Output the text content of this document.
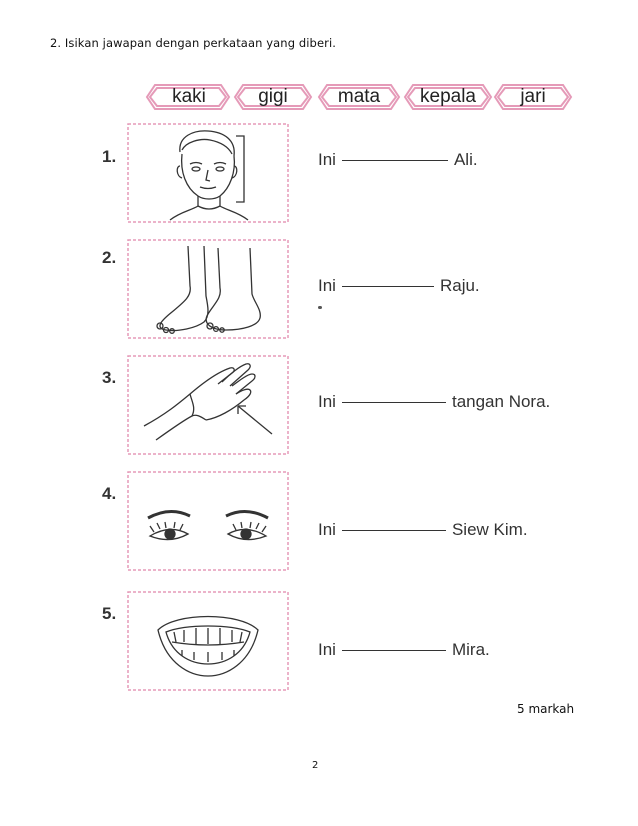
2. Isikan jawapan dengan perkataan yang diberi.
kaki	gigi	mata	kepala	jari
1.
2.
3.
4.
5.
Ini	Ali.
Ini	Raju.
Ini	tangan Nora.
Ini	Siew Kim.
Ini	Mira.
5 markah
2
